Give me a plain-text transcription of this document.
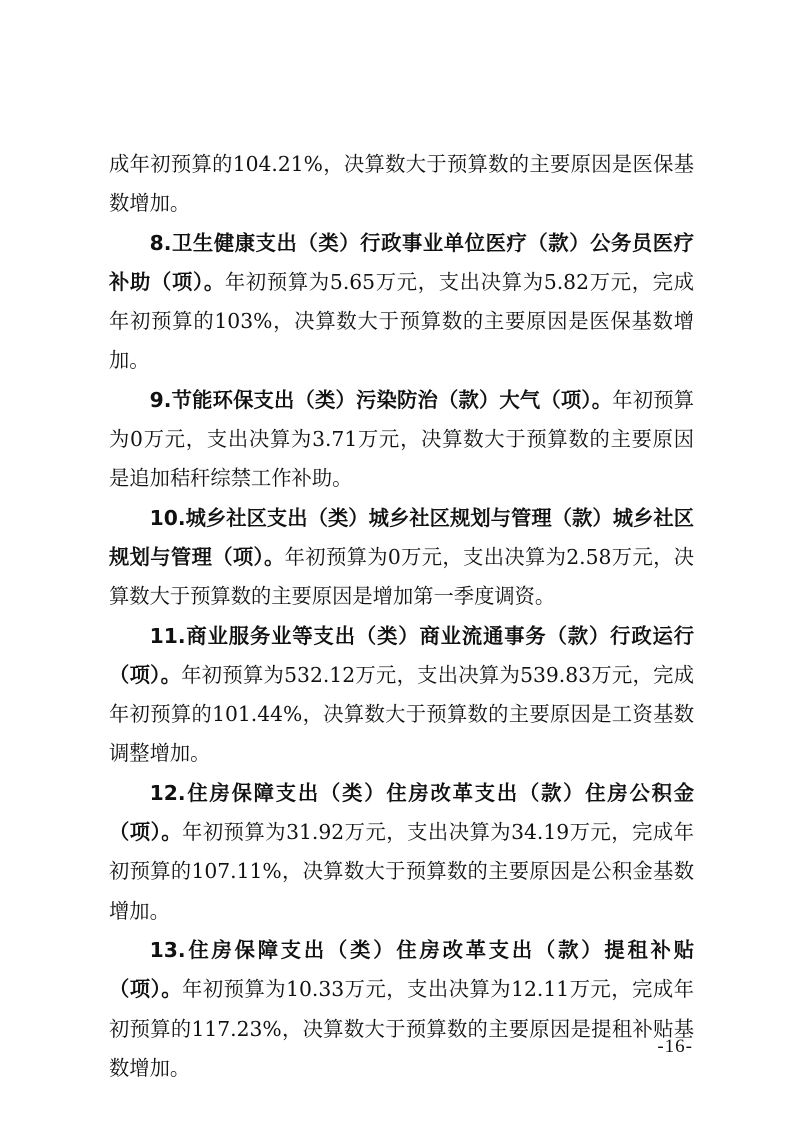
成年初预算的104.21%，决算数大于预算数的主要原因是医保基数增加。

8.卫生健康支出（类）行政事业单位医疗（款）公务员医疗补助（项）。年初预算为5.65万元，支出决算为5.82万元，完成年初预算的103%，决算数大于预算数的主要原因是医保基数增加。

9.节能环保支出（类）污染防治（款）大气（项）。年初预算为0万元，支出决算为3.71万元，决算数大于预算数的主要原因是追加秸秆综禁工作补助。

10.城乡社区支出（类）城乡社区规划与管理（款）城乡社区规划与管理（项）。年初预算为0万元，支出决算为2.58万元，决算数大于预算数的主要原因是增加第一季度调资。

11.商业服务业等支出（类）商业流通事务（款）行政运行（项）。年初预算为532.12万元，支出决算为539.83万元，完成年初预算的101.44%，决算数大于预算数的主要原因是工资基数调整增加。

12.住房保障支出（类）住房改革支出（款）住房公积金（项）。年初预算为31.92万元，支出决算为34.19万元，完成年初预算的107.11%，决算数大于预算数的主要原因是公积金基数增加。

13.住房保障支出（类）住房改革支出（款）提租补贴（项）。年初预算为10.33万元，支出决算为12.11万元，完成年初预算的117.23%，决算数大于预算数的主要原因是提租补贴基数增加。

-16-
